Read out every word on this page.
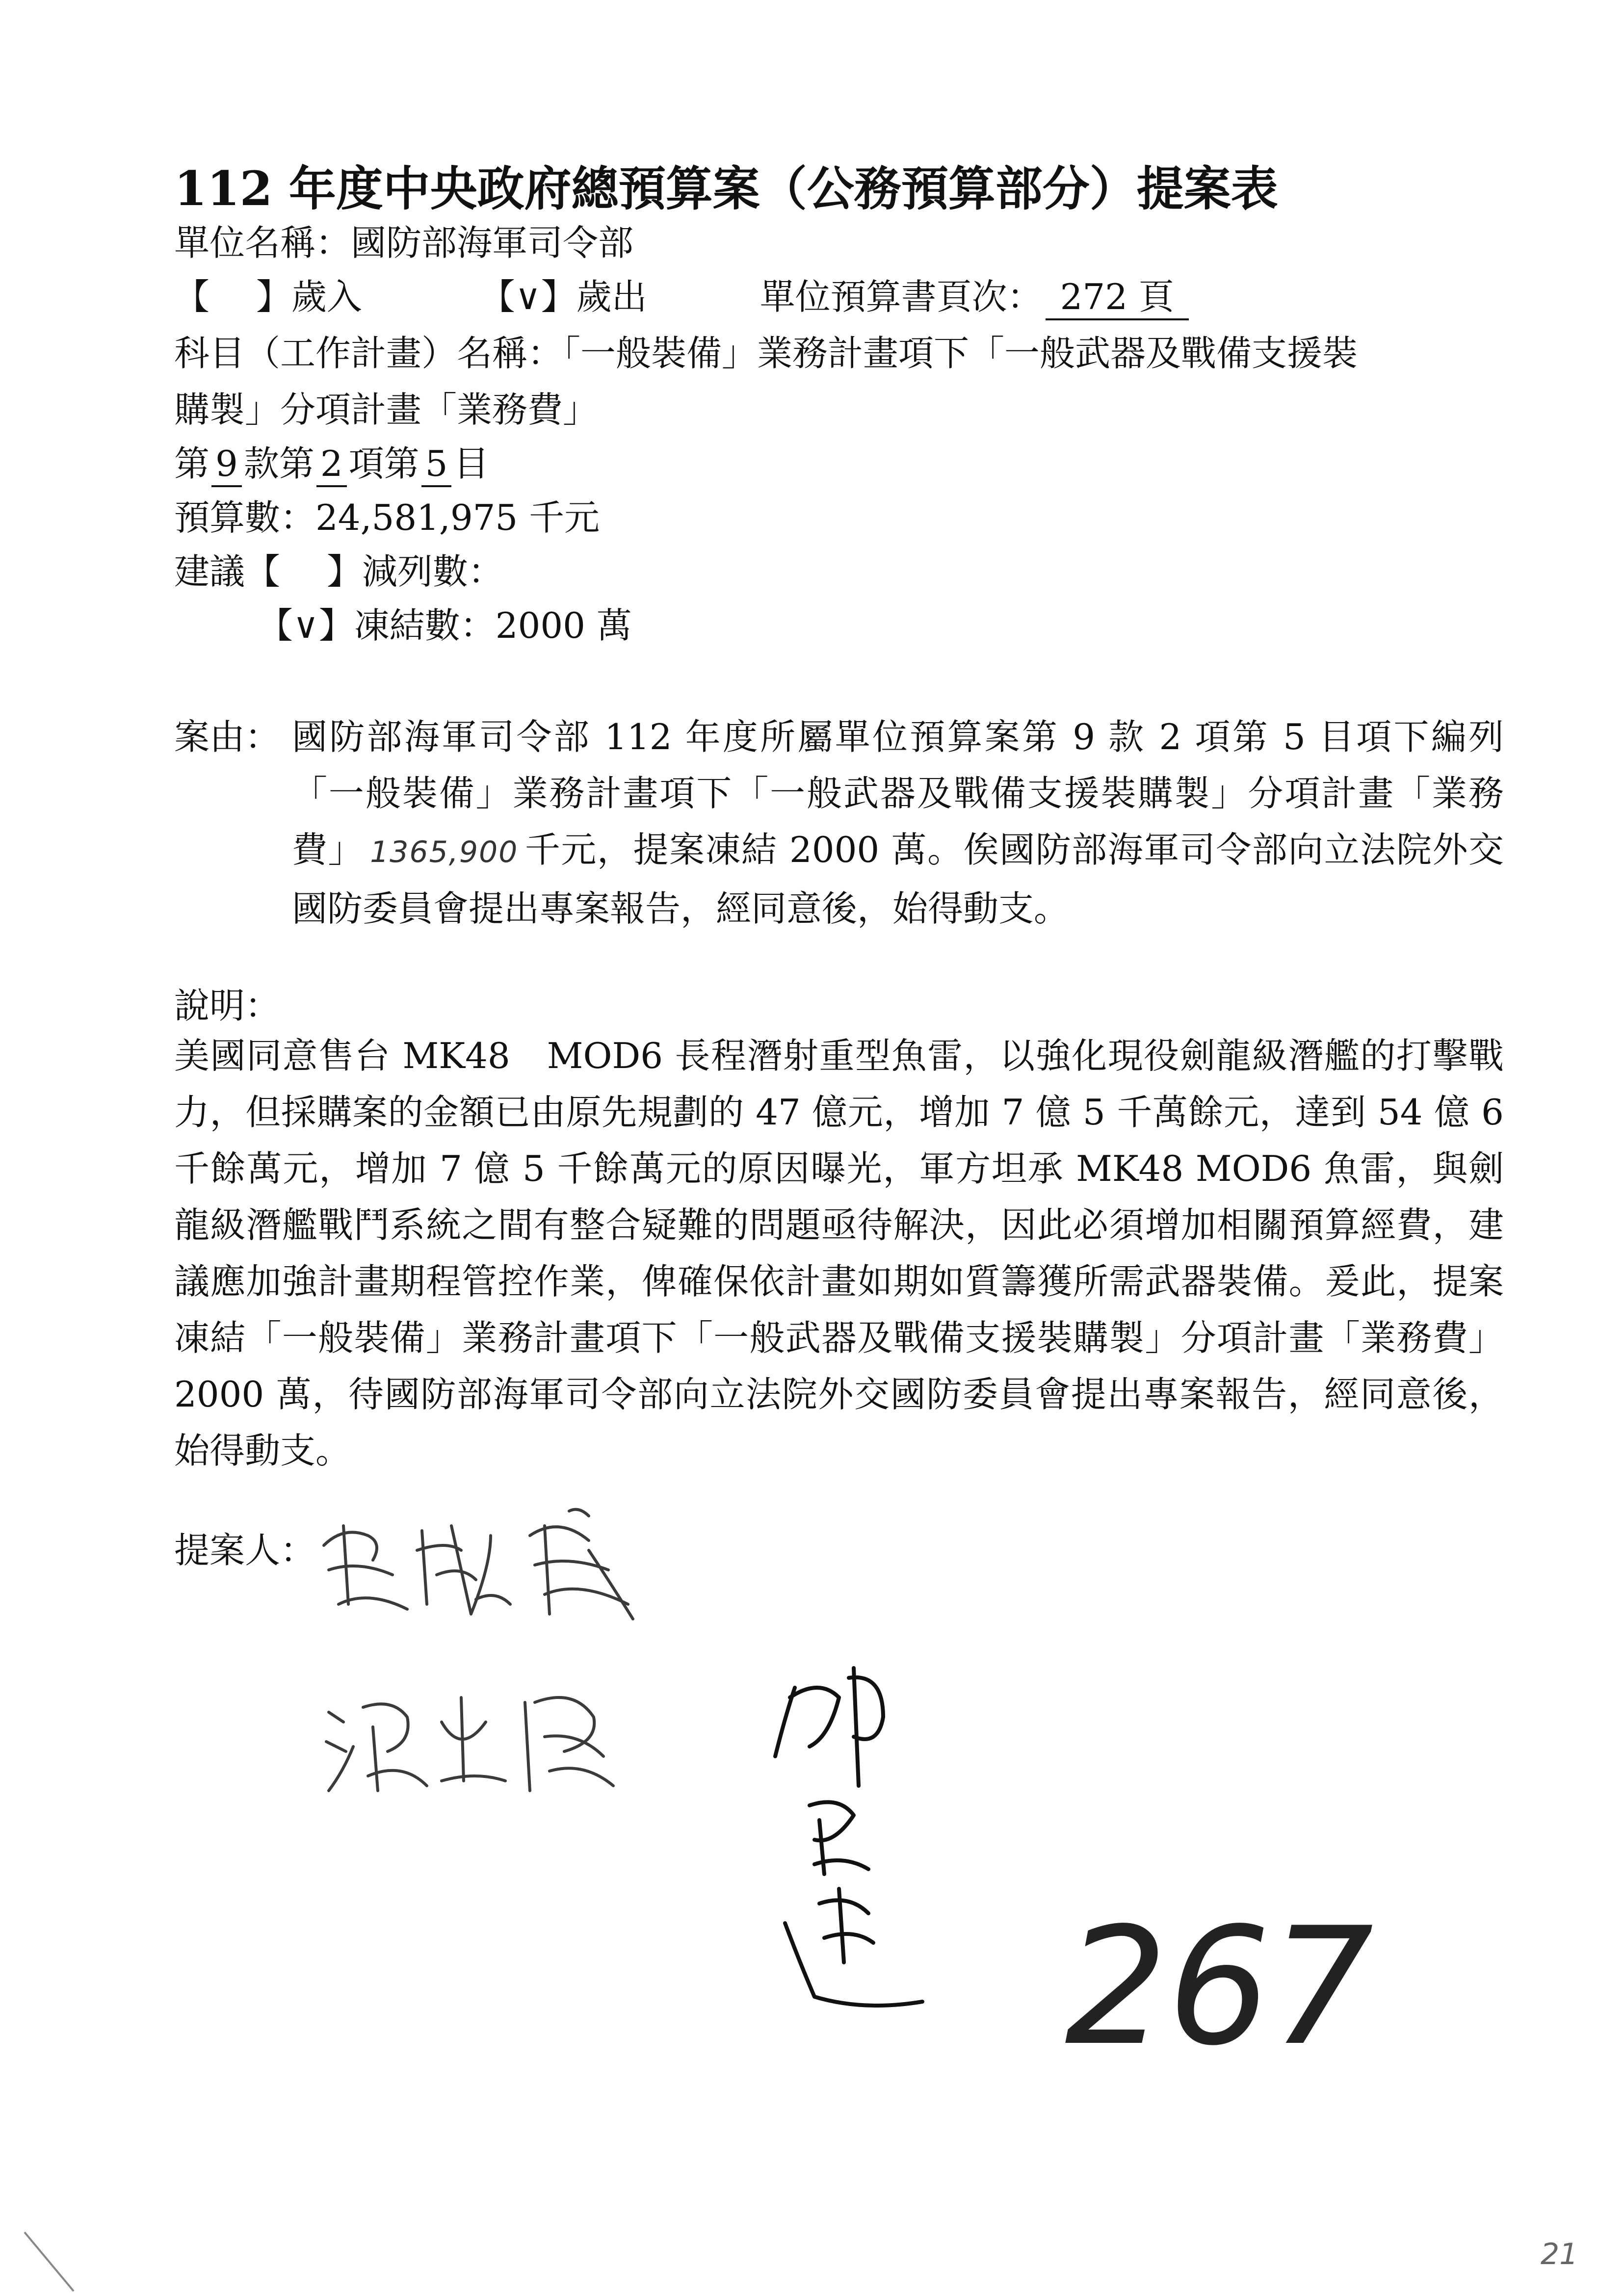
112 年度中央政府總預算案（公務預算部分）提案表
單位名稱：國防部海軍司令部
【　 】歲入	【∨】歲出	單位預算書頁次： 272 頁
科目（工作計畫）名稱：「一般裝備」業務計畫項下「一般武器及戰備支援裝
購製」分項計畫「業務費」
第 9 款第 2 項第 5 目
預算數：24,581,975 千元
建議【　 】減列數：
【∨】凍結數：2000 萬
案由： 國防部海軍司令部 112 年度所屬單位預算案第 9 款 2 項第 5 目項下編列「一般裝備」業務計畫項下「一般武器及戰備支援裝購製」分項計畫「業務費」 1365,900 千元，提案凍結 2000 萬。俟國防部海軍司令部向立法院外交國防委員會提出專案報告，經同意後，始得動支。
說明：
美國同意售台 MK48　MOD6 長程潛射重型魚雷，以強化現役劍龍級潛艦的打擊戰力，但採購案的金額已由原先規劃的 47 億元，增加 7 億 5 千萬餘元，達到 54 億 6 千餘萬元，增加 7 億 5 千餘萬元的原因曝光，軍方坦承 MK48 MOD6 魚雷，與劍龍級潛艦戰鬥系統之間有整合疑難的問題亟待解決，因此必須增加相關預算經費，建議應加強計畫期程管控作業，俾確保依計畫如期如質籌獲所需武器裝備。爰此，提案凍結「一般裝備」業務計畫項下「一般武器及戰備支援裝購製」分項計畫「業務費」2000 萬，待國防部海軍司令部向立法院外交國防委員會提出專案報告，經同意後，始得動支。
提案人：
267
21
